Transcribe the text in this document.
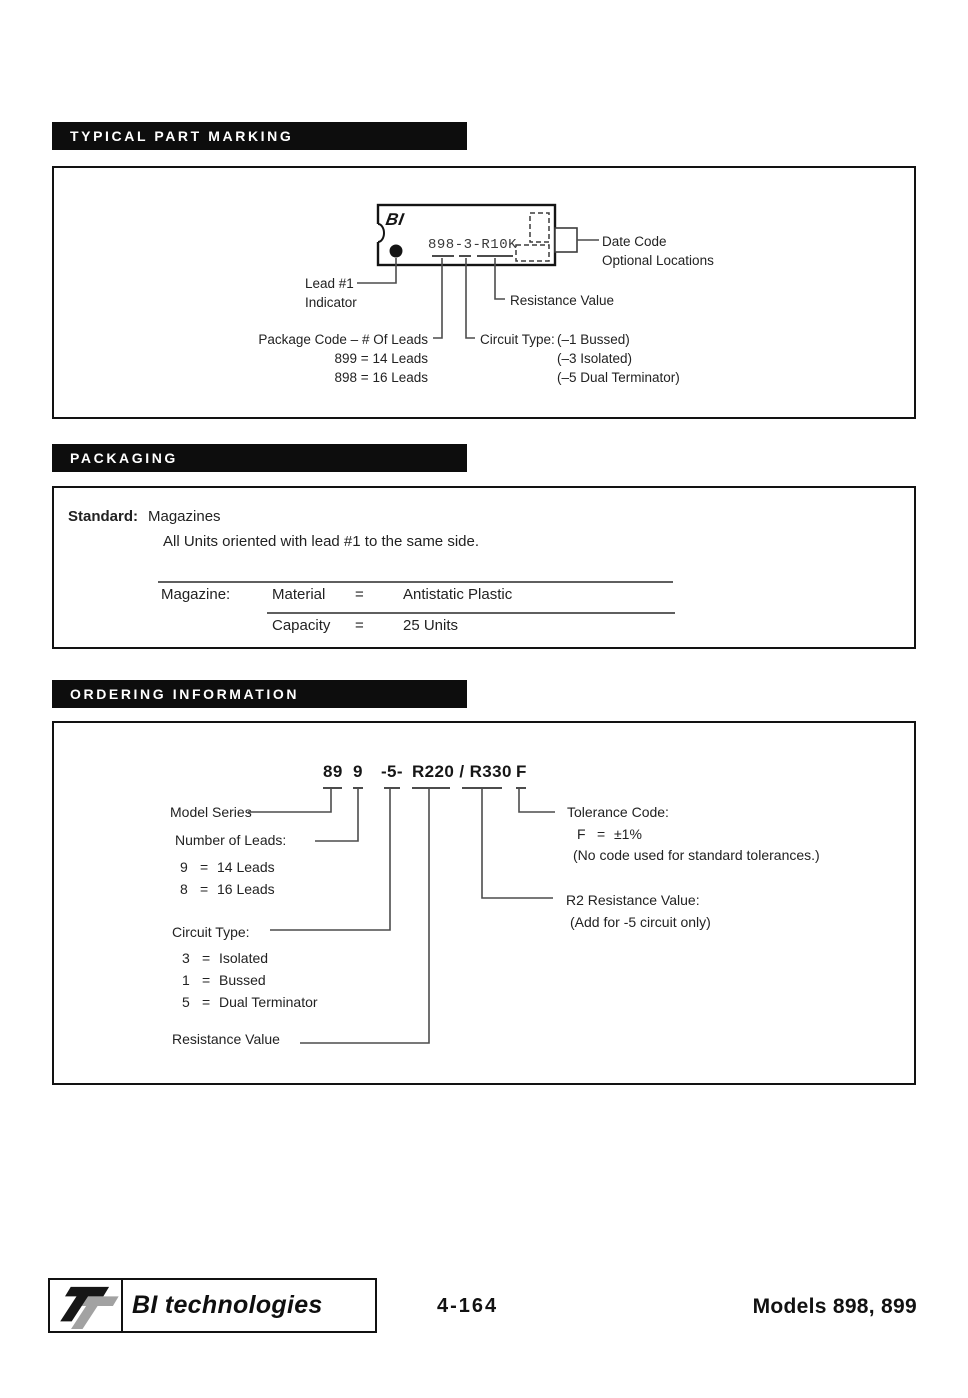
TYPICAL PART MARKING
BI
898-3-R10K	Date Code
Optional Locations
Lead #1
Indicator
Package Code – # Of Leads
899 = 14 Leads
898 = 16 Leads
Circuit Type: (–1 Bussed)
(–3 Isolated)
(–5 Dual Terminator)
Resistance Value
PACKAGING
Standard: Magazines
All Units oriented with lead #1 to the same side.
Magazine:	Material =	Antistatic Plastic
Capacity =	25 Units
ORDERING INFORMATION
89 9 -5- R220 / R330 F
Model Series
Number of Leads:
9 = 14 Leads
8 = 16 Leads
Circuit Type:
3 = Isolated
1 = Bussed
5 = Dual Terminator
Resistance Value
Tolerance Code:
F = ±1%
(No code used for standard tolerances.)
R2 Resistance Value:
(Add for -5 circuit only)
BI technologies	4-164	Models 898, 899
